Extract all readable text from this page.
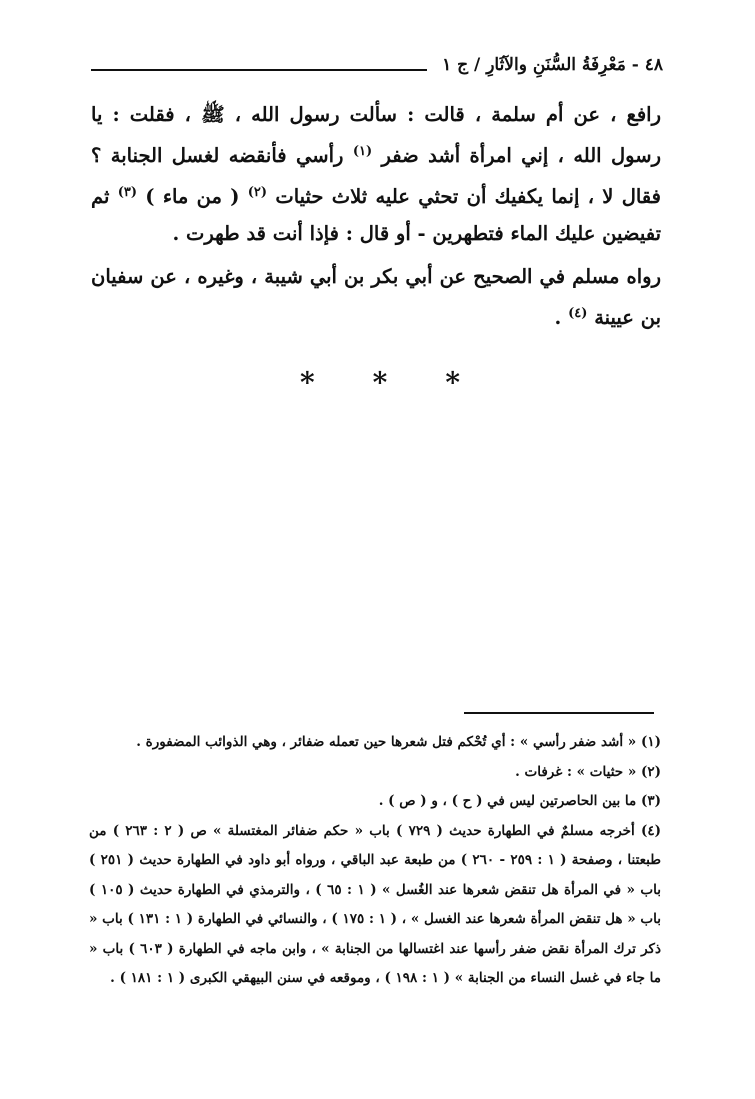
٤٨ - مَعْرِفَةُ السُّنَنِ والآثَارِ / ج ١

رافع ، عن أم سلمة ، قالت : سألت رسول الله ، ﷺ ، فقلت : يا رسول الله ، إني امرأة أشد ضفر $^{(١)}$ رأسي فأنقضه لغسل الجنابة ؟ فقال لا ، إنما يكفيك أن تحثي عليه ثلاث حثيات $^{(٢)}$ ( من ماء ) $^{(٣)}$ ثم تفيضين عليك الماء فتطهرين - أو قال : فإذا أنت قد طهرت .

رواه مسلم في الصحيح عن أبي بكر بن أبي شيبة ، وغيره ، عن سفيان بن عيينة $^{(٤)}$ .

* * *

(١) « أشد ضفر رأسي » : أي تُحْكم فتل شعرها حين تعمله ضفائر ، وهي الذوائب المضفورة .

(٢) « حثيات » : غرفات .

(٣) ما بين الحاصرتين ليس في ( ح ) ، و ( ص ) .

(٤) أخرجه مسلمٌ في الطهارة حديث ( ٧٢٩ ) باب « حكم ضفائر المغتسلة » ص ( ٢ : ٢٦٣ ) من طبعتنا ، وصفحة ( ١ : ٢٥٩ - ٢٦٠ ) من طبعة عبد الباقي ، ورواه أبو داود في الطهارة حديث ( ٢٥١ ) باب « في المرأة هل تنقض شعرها عند الغُسل » ( ١ : ٦٥ ) ، والترمذي في الطهارة حديث ( ١٠٥ ) باب « هل تنقض المرأة شعرها عند الغسل » ، ( ١ : ١٧٥ ) ، والنسائي في الطهارة ( ١ : ١٣١ ) باب « ذكر ترك المرأة نقض ضفر رأسها عند اغتسالها من الجنابة » ، وابن ماجه في الطهارة ( ٦٠٣ ) باب « ما جاء في غسل النساء من الجنابة » ( ١ : ١٩٨ ) ، وموقعه في سنن البيهقي الكبرى ( ١ : ١٨١ ) .
